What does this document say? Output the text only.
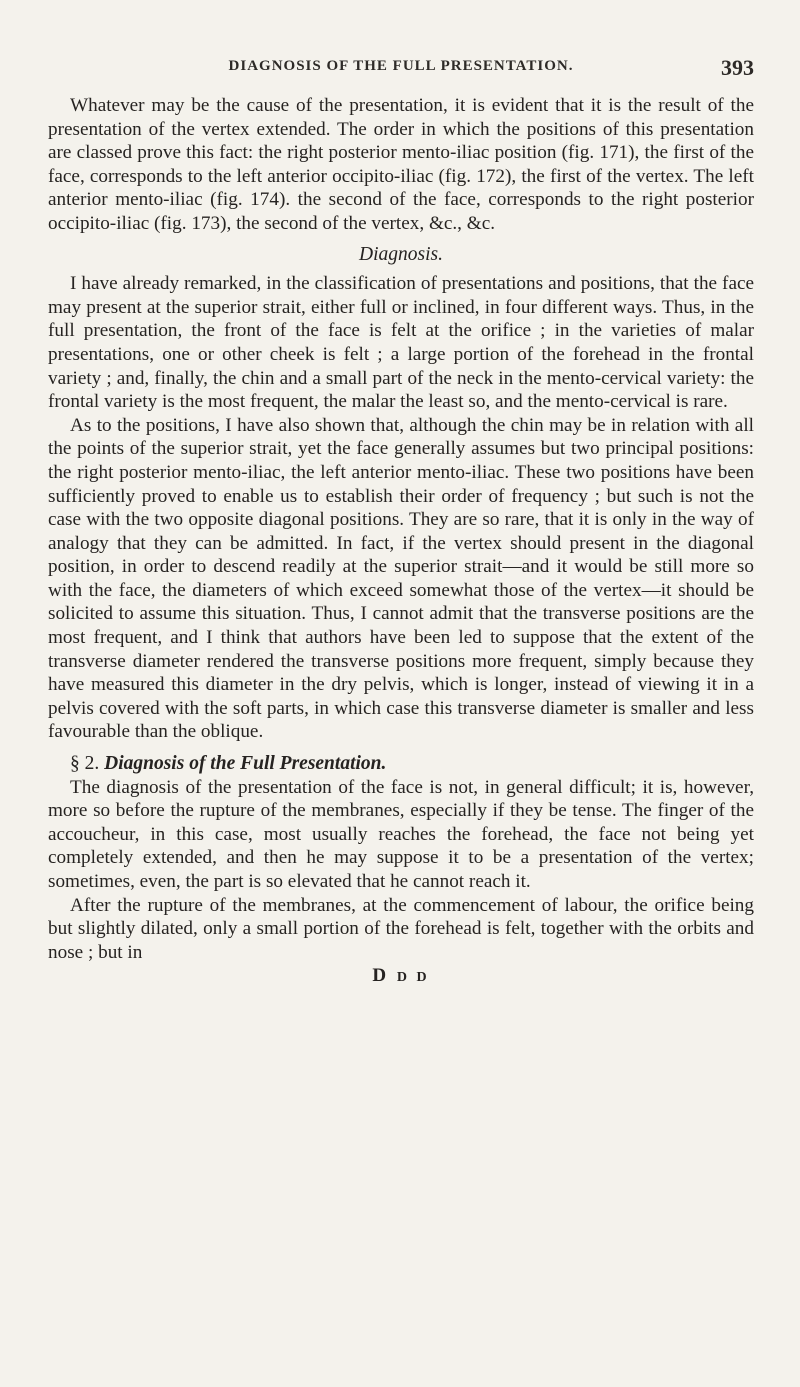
DIAGNOSIS OF THE FULL PRESENTATION.	393

Whatever may be the cause of the presentation, it is evident that it is the result of the presentation of the vertex extended. The order in which the positions of this presentation are classed prove this fact: the right posterior mento-iliac position (fig. 171), the first of the face, corresponds to the left anterior occipito-iliac (fig. 172), the first of the vertex. The left anterior mento-iliac (fig. 174). the second of the face, corresponds to the right posterior occipito-iliac (fig. 173), the second of the vertex, &c., &c.

Diagnosis.

I have already remarked, in the classification of presentations and positions, that the face may present at the superior strait, either full or inclined, in four different ways. Thus, in the full presentation, the front of the face is felt at the orifice ; in the varieties of malar presentations, one or other cheek is felt ; a large portion of the forehead in the frontal variety ; and, finally, the chin and a small part of the neck in the mento-cervical variety: the frontal variety is the most frequent, the malar the least so, and the mento-cervical is rare.

As to the positions, I have also shown that, although the chin may be in relation with all the points of the superior strait, yet the face generally assumes but two principal positions: the right posterior mento-iliac, the left anterior mento-iliac. These two positions have been sufficiently proved to enable us to establish their order of frequency ; but such is not the case with the two opposite diagonal positions. They are so rare, that it is only in the way of analogy that they can be admitted. In fact, if the vertex should present in the diagonal position, in order to descend readily at the superior strait—and it would be still more so with the face, the diameters of which exceed somewhat those of the vertex—it should be solicited to assume this situation. Thus, I cannot admit that the transverse positions are the most frequent, and I think that authors have been led to suppose that the extent of the transverse diameter rendered the transverse positions more frequent, simply because they have measured this diameter in the dry pelvis, which is longer, instead of viewing it in a pelvis covered with the soft parts, in which case this transverse diameter is smaller and less favourable than the oblique.

§ 2. Diagnosis of the Full Presentation.

The diagnosis of the presentation of the face is not, in general difficult; it is, however, more so before the rupture of the membranes, especially if they be tense. The finger of the accoucheur, in this case, most usually reaches the forehead, the face not being yet completely extended, and then he may suppose it to be a presentation of the vertex; sometimes, even, the part is so elevated that he cannot reach it.

After the rupture of the membranes, at the commencement of labour, the orifice being but slightly dilated, only a small portion of the forehead is felt, together with the orbits and nose ; but in

D D D
